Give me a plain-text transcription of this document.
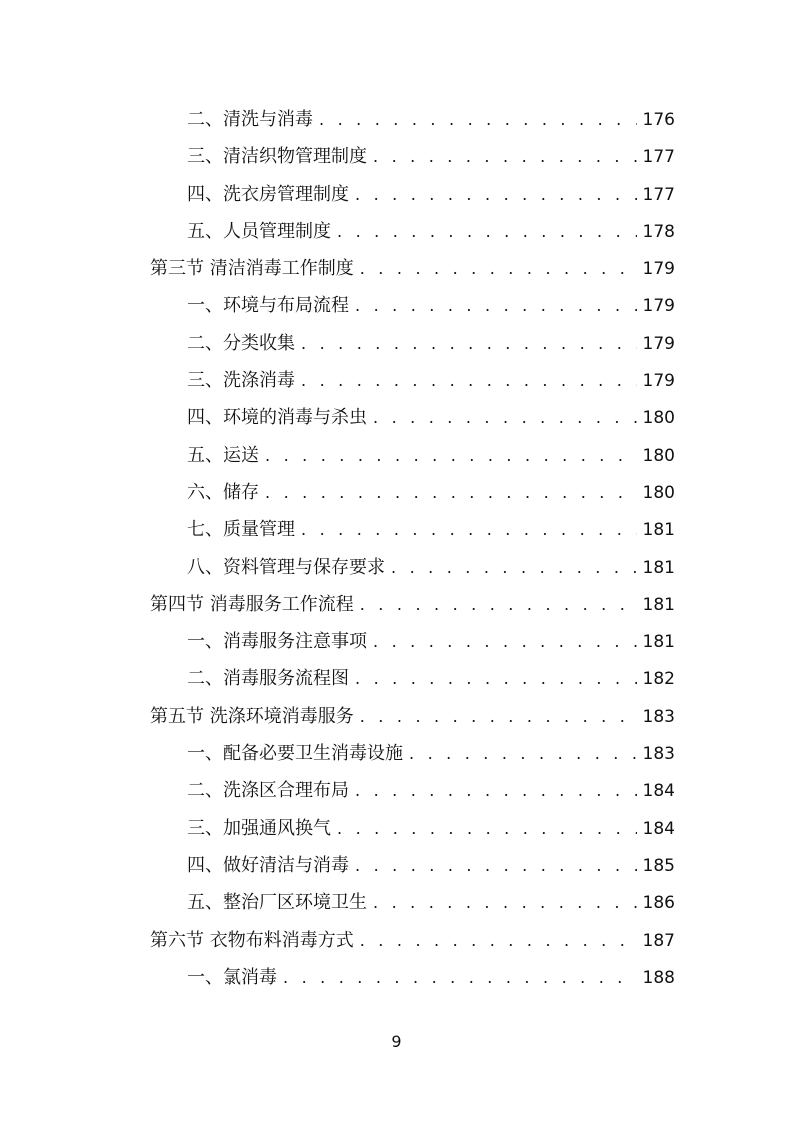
二、清洗与消毒 . . .	176
三、清洁织物管理制度 . . .	177
四、洗衣房管理制度 . . .	177
五、人员管理制度 . . .	178
第三节 清洁消毒工作制度 . . .	179
一、环境与布局流程 . . .	179
二、分类收集 . . .	179
三、洗涤消毒 . . .	179
四、环境的消毒与杀虫 . . .	180
五、运送 . . .	180
六、储存 . . .	180
七、质量管理 . . .	181
八、资料管理与保存要求 . . .	181
第四节 消毒服务工作流程 . . .	181
一、消毒服务注意事项 . . .	181
二、消毒服务流程图 . . .	182
第五节 洗涤环境消毒服务 . . .	183
一、配备必要卫生消毒设施 . . .	183
二、洗涤区合理布局 . . .	184
三、加强通风换气 . . .	184
四、做好清洁与消毒 . . .	185
五、整治厂区环境卫生 . . .	186
第六节 衣物布料消毒方式 . . .	187
一、氯消毒 . . .	188
9
